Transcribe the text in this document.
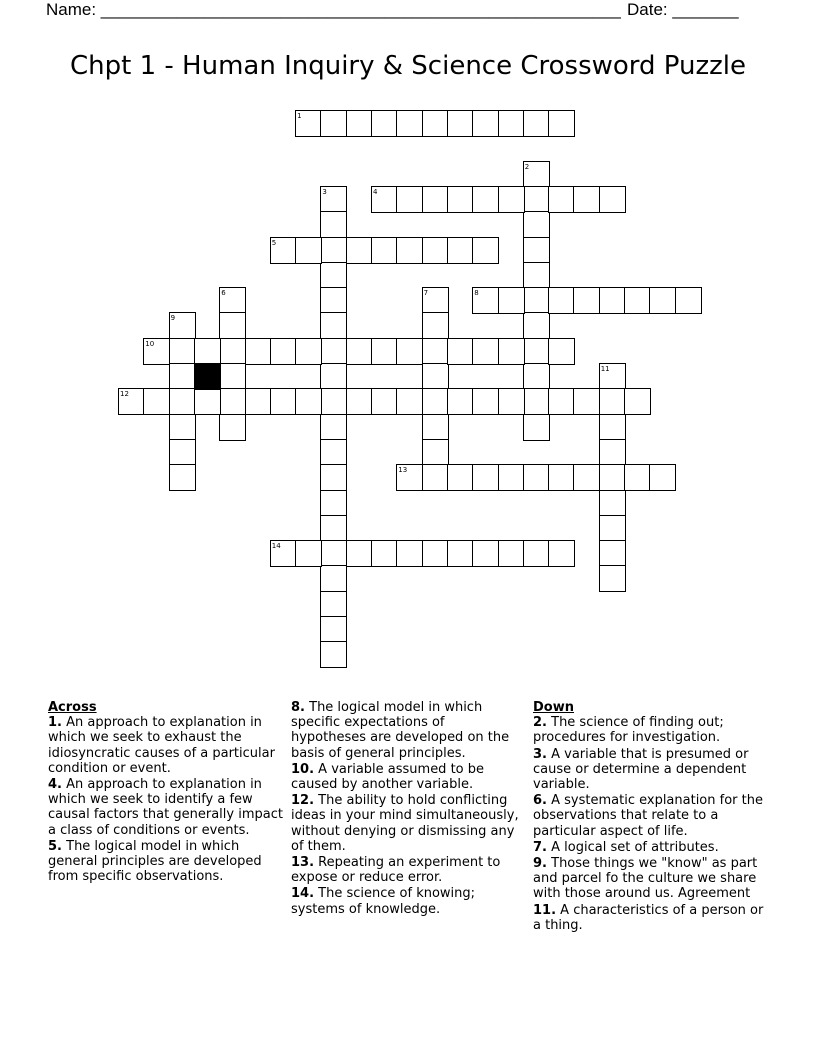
Name: _______________________________________________________ Date: _______
Chpt 1 - Human Inquiry & Science Crossword Puzzle
1
2
3	4
5
6	7	8
9
10
11
12
13
14
Across
1. An approach to explanation in which we seek to exhaust the idiosyncratic causes of a particular condition or event.
4. An approach to explanation in which we seek to identify a few causal factors that generally impact a class of conditions or events.
5. The logical model in which general principles are developed from specific observations.
8. The logical model in which specific expectations of hypotheses are developed on the basis of general principles.
10. A variable assumed to be caused by another variable.
12. The ability to hold conflicting ideas in your mind simultaneously, without denying or dismissing any of them.
13. Repeating an experiment to expose or reduce error.
14. The science of knowing; systems of knowledge.
Down
2. The science of finding out; procedures for investigation.
3. A variable that is presumed or cause or determine a dependent variable.
6. A systematic explanation for the observations that relate to a particular aspect of life.
7. A logical set of attributes.
9. Those things we "know" as part and parcel fo the culture we share with those around us. Agreement
11. A characteristics of a person or a thing.
